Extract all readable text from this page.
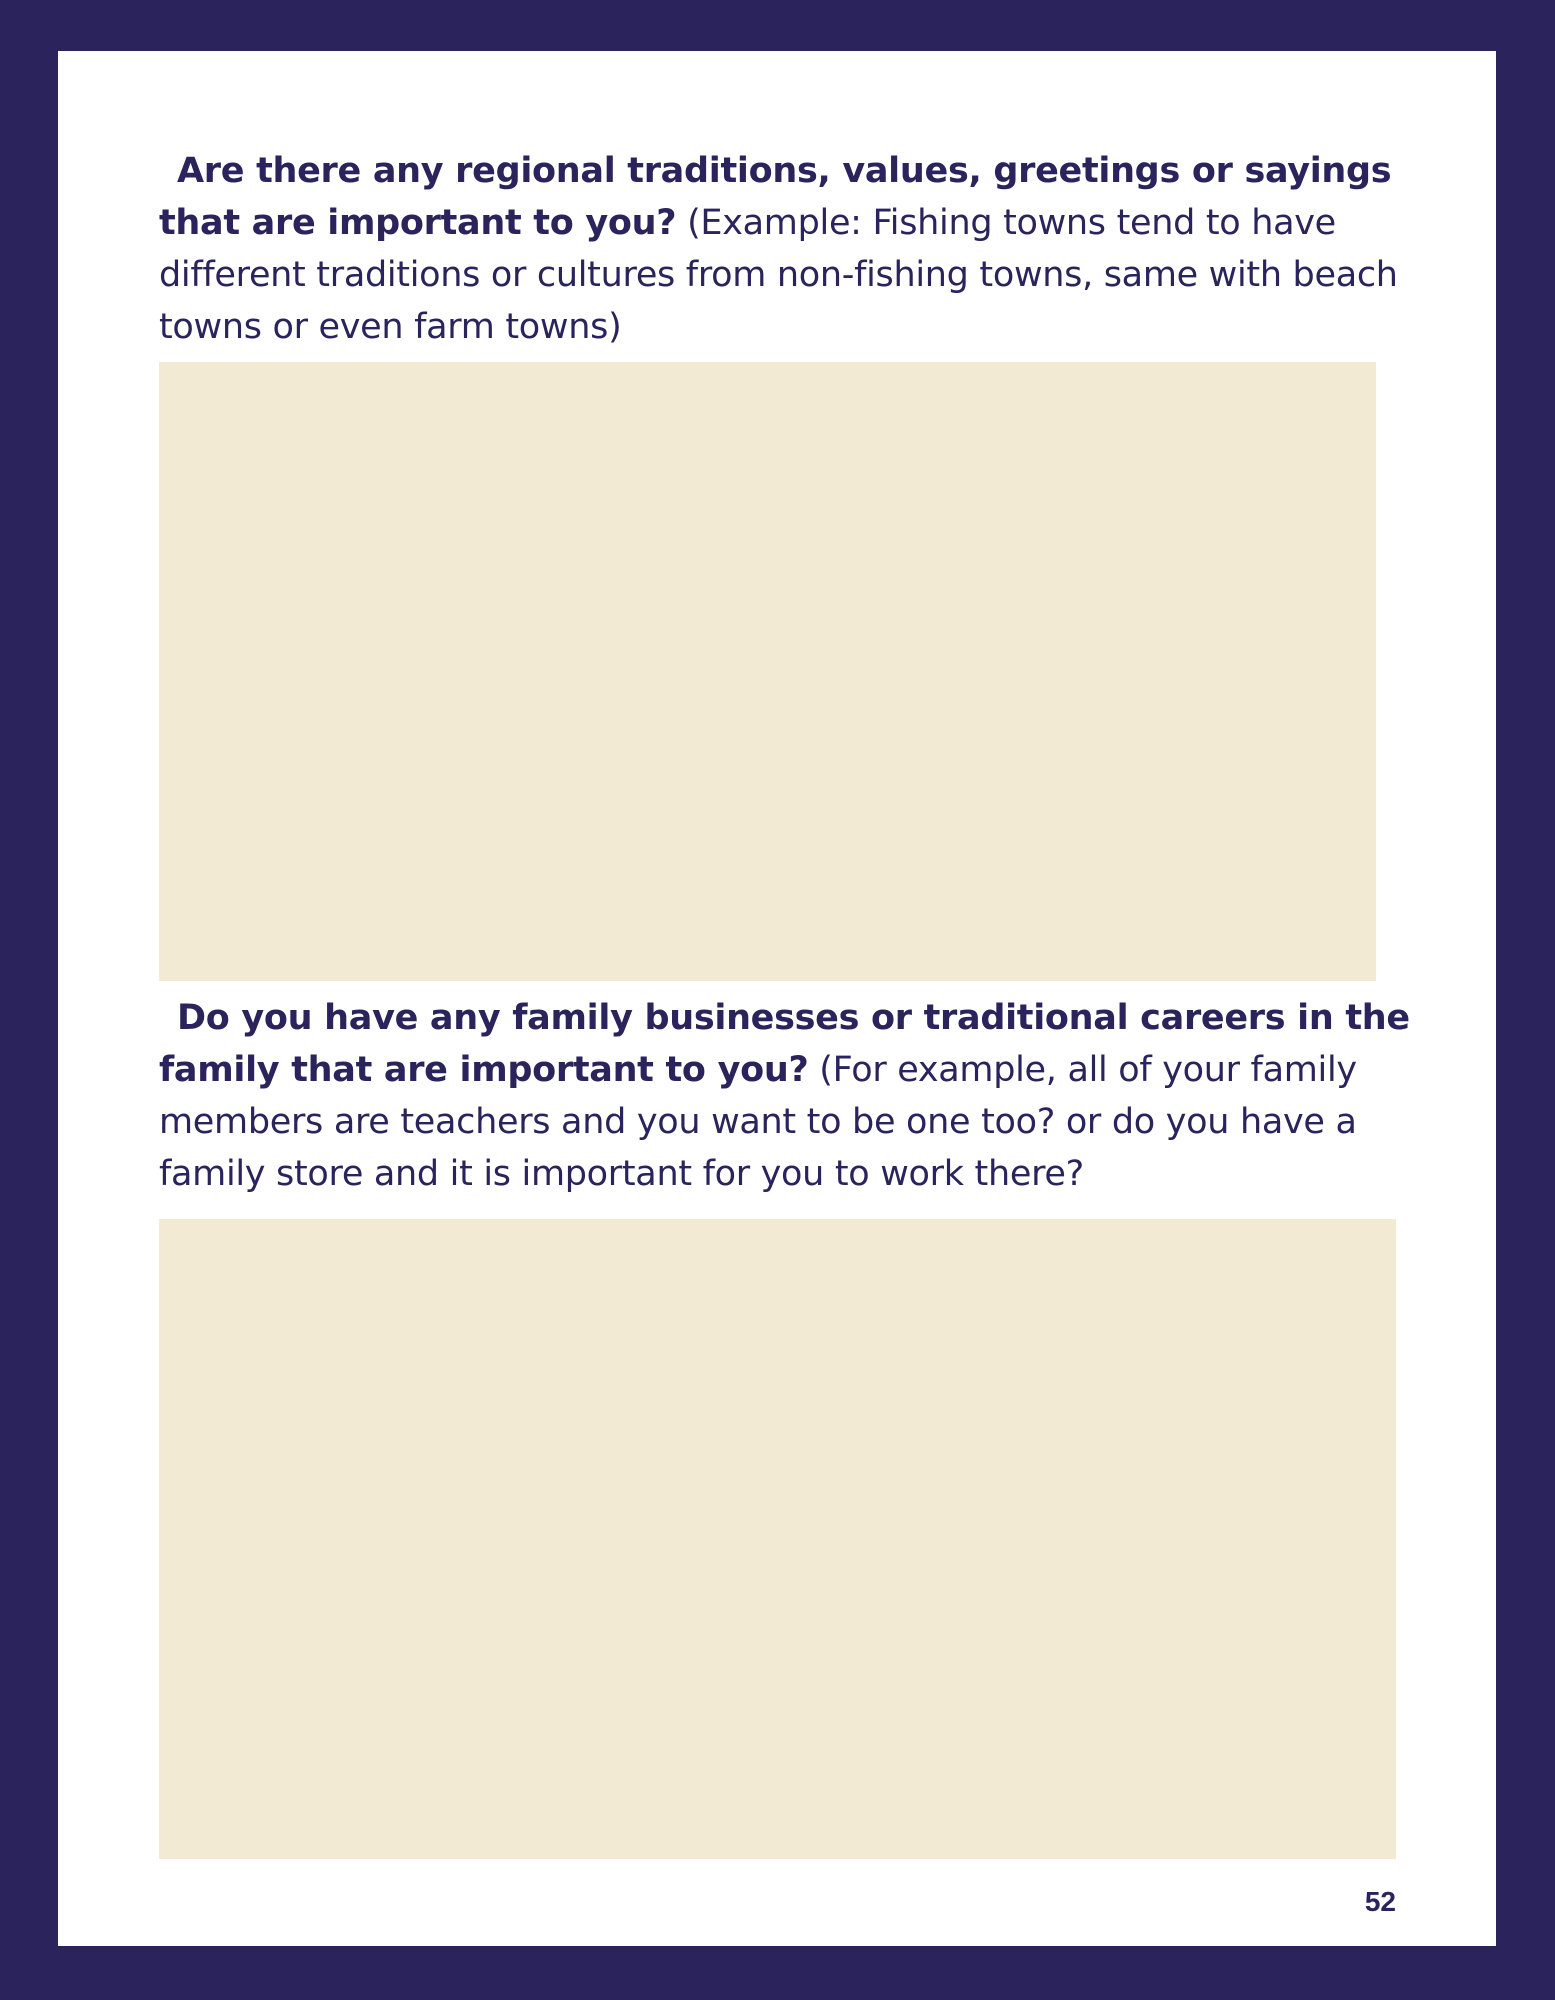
Are there any regional traditions, values, greetings or sayings that are important to you? (Example: Fishing towns tend to have different traditions or cultures from non-fishing towns, same with beach towns or even farm towns)

Do you have any family businesses or traditional careers in the family that are important to you? (For example, all of your family members are teachers and you want to be one too? or do you have a family store and it is important for you to work there?

52
